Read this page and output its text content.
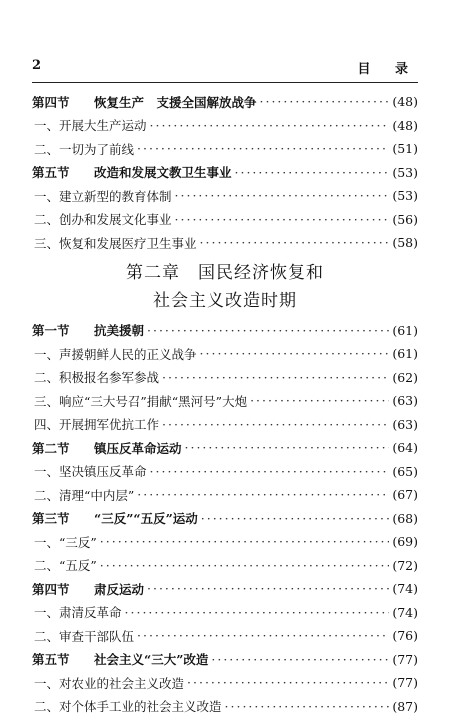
2	目 录
第四节	恢复生产　支援全国解放战争 ·····	(48)
一、 开展大生产运动 ·····	(48)
二、 一切为了前线 ·····	(51)
第五节	改造和发展文教卫生事业 ·····	(53)
一、 建立新型的教育体制 ·····	(53)
二、 创办和发展文化事业 ·····	(56)
三、 恢复和发展医疗卫生事业 ·····	(58)
第二章　国民经济恢复和
社会主义改造时期
第一节	抗美援朝 ·····	(61)
一、 声援朝鲜人民的正义战争 ·····	(61)
二、 积极报名参军参战 ·····	(62)
三、 响应“三大号召”捐献“黑河号”大炮 ·····	(63)
四、 开展拥军优抗工作 ·····	(63)
第二节	镇压反革命运动 ·····	(64)
一、 坚决镇压反革命 ·····	(65)
二、 清理“中内层” ·····	(67)
第三节	“三反”“五反”运动 ·····	(68)
一、 “三反” ·····	(69)
二、 “五反” ·····	(72)
第四节	肃反运动 ·····	(74)
一、 肃清反革命 ·····	(74)
二、 审查干部队伍 ·····	(76)
第五节	社会主义“三大”改造 ·····	(77)
一、 对农业的社会主义改造 ·····	(77)
二、 对个体手工业的社会主义改造 ·····	(87)
